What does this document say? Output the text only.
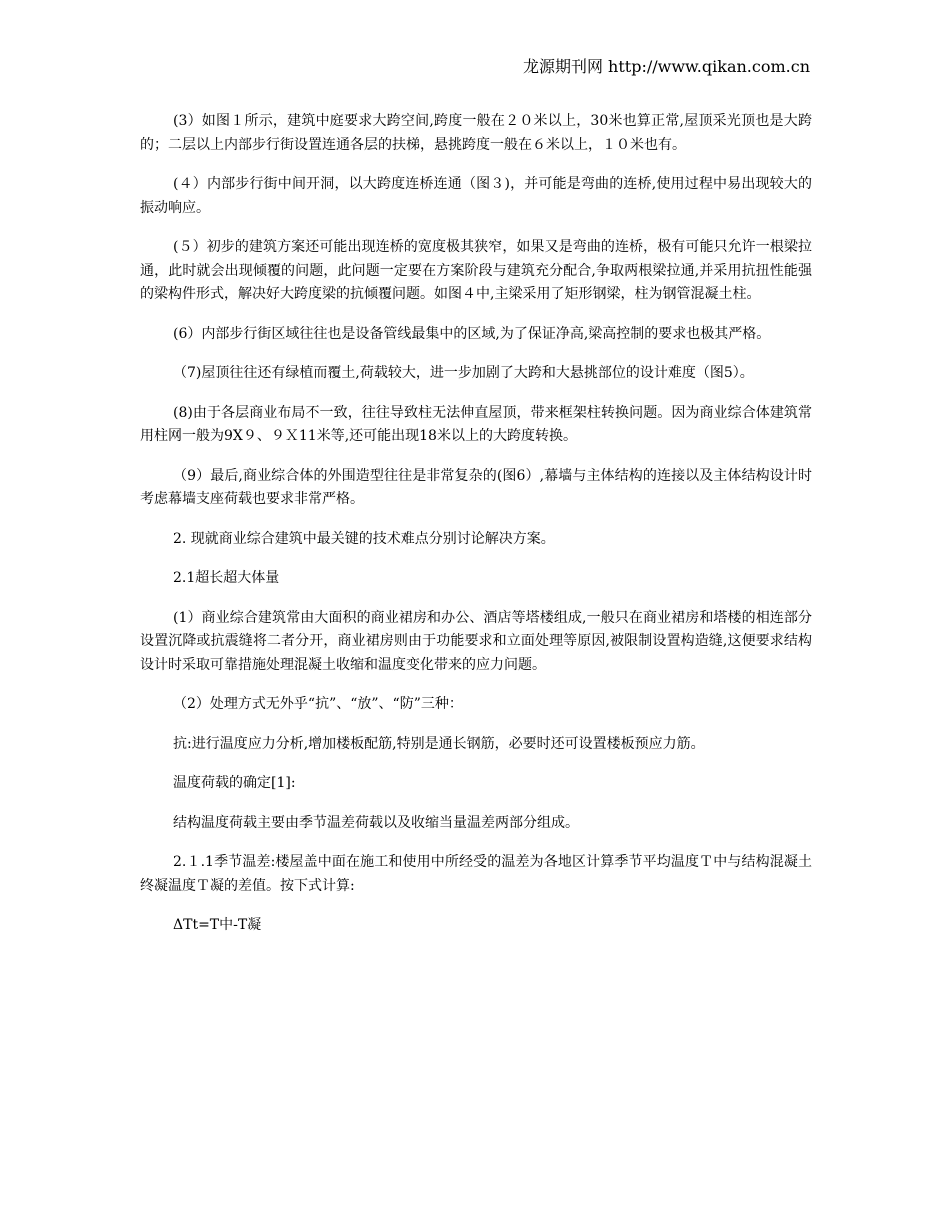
龙源期刊网 http://www.qikan.com.cn

(3）如图１所示，建筑中庭要求大跨空间,跨度一般在２０米以上，30米也算正常,屋顶采光顶也是大跨的；二层以上内部步行街设置连通各层的扶梯，悬挑跨度一般在６米以上，１０米也有。

(４）内部步行街中间开洞，以大跨度连桥连通（图３)，并可能是弯曲的连桥,使用过程中易出现较大的振动响应。

(５）初步的建筑方案还可能出现连桥的宽度极其狭窄，如果又是弯曲的连桥，极有可能只允许一根梁拉通，此时就会出现倾覆的问题，此问题一定要在方案阶段与建筑充分配合,争取两根梁拉通,并采用抗扭性能强的梁构件形式，解决好大跨度梁的抗倾覆问题。如图４中,主梁采用了矩形钢梁，柱为钢管混凝土柱。

(6）内部步行街区域往往也是设备管线最集中的区域,为了保证净高,梁高控制的要求也极其严格。

（7)屋顶往往还有绿植而覆土,荷载较大，进一步加剧了大跨和大悬挑部位的设计难度（图5）。

(8)由于各层商业布局不一致，往往导致柱无法伸直屋顶，带来框架柱转换问题。因为商业综合体建筑常用柱网一般为9X９、９Ｘ11米等,还可能出现18米以上的大跨度转换。

（9）最后,商业综合体的外围造型往往是非常复杂的(图6）,幕墙与主体结构的连接以及主体结构设计时考虑幕墙支座荷载也要求非常严格。

2. 现就商业综合建筑中最关键的技术难点分别讨论解决方案。

2.1超长超大体量

(1）商业综合建筑常由大面积的商业裙房和办公、酒店等塔楼组成,一般只在商业裙房和塔楼的相连部分设置沉降或抗震缝将二者分开，商业裙房则由于功能要求和立面处理等原因,被限制设置构造缝,这便要求结构设计时采取可靠措施处理混凝土收缩和温度变化带来的应力问题。

（2）处理方式无外乎“抗”、“放”、“防”三种：

抗:进行温度应力分析,增加楼板配筋,特别是通长钢筋，必要时还可设置楼板预应力筋。

温度荷载的确定[1]:

结构温度荷载主要由季节温差荷载以及收缩当量温差两部分组成。

2.１.1季节温差:楼屋盖中面在施工和使用中所经受的温差为各地区计算季节平均温度Ｔ中与结构混凝土终凝温度Ｔ凝的差值。按下式计算:

ΔTt=T中-T凝
